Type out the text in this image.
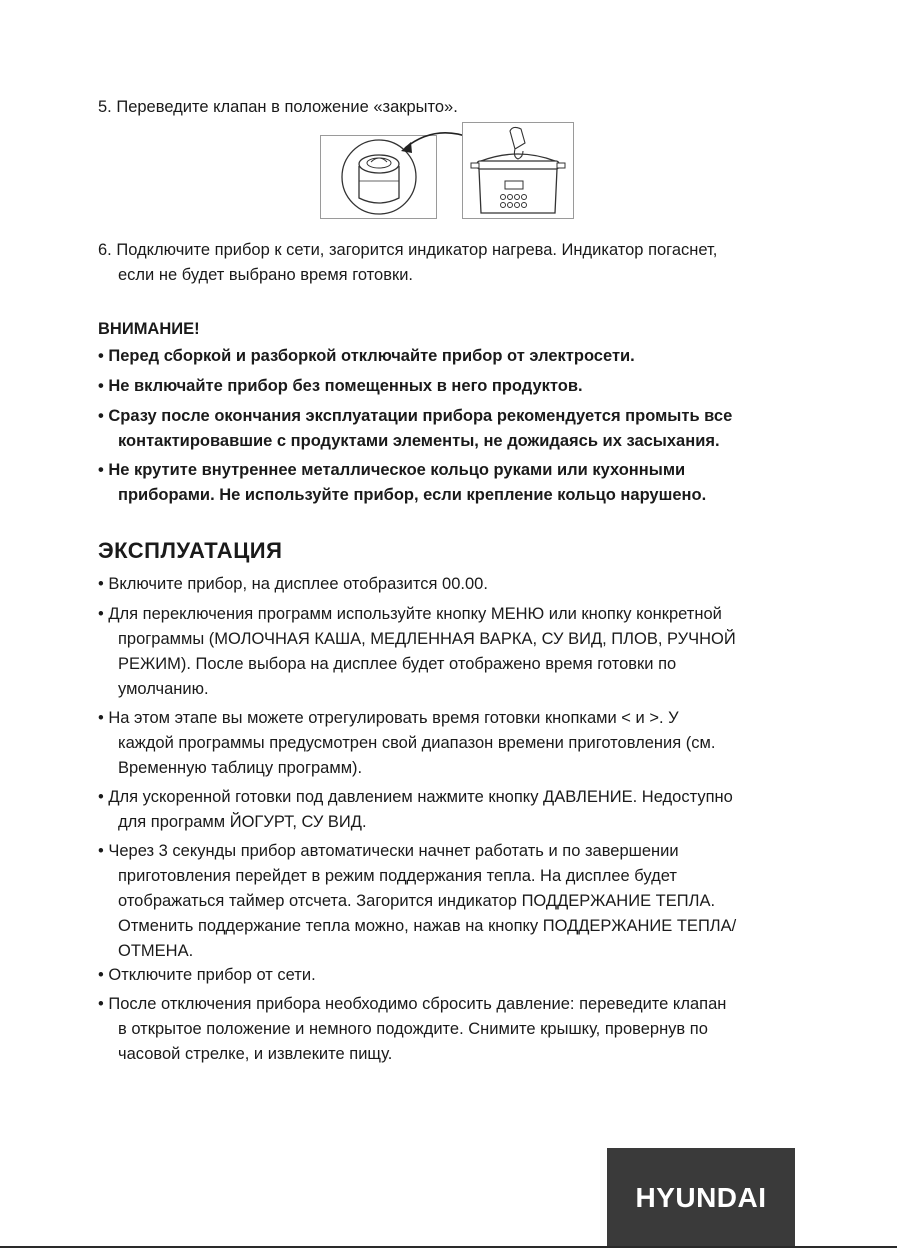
5. Переведите клапан в положение «закрыто».
6. Подключите прибор к сети, загорится индикатор нагрева. Индикатор погаснет,
если не будет выбрано время готовки.
ВНИМАНИЕ!
• Перед сборкой и разборкой отключайте прибор от электросети.
• Не включайте прибор без помещенных в него продуктов.
• Сразу после окончания эксплуатации прибора рекомендуется промыть все
контактировавшие с продуктами элементы, не дожидаясь их засыхания.
• Не крутите внутреннее металлическое кольцо руками или кухонными
приборами. Не используйте прибор, если крепление кольцо нарушено.
ЭКСПЛУАТАЦИЯ
• Включите прибор, на дисплее отобразится 00.00.
• Для переключения программ используйте кнопку МЕНЮ или кнопку конкретной
программы (МОЛОЧНАЯ КАША, МЕДЛЕННАЯ ВАРКА, СУ ВИД, ПЛОВ, РУЧНОЙ
РЕЖИМ). После выбора на дисплее будет отображено время готовки по
умолчанию.
• На этом этапе вы можете отрегулировать время готовки кнопками < и >. У
каждой программы предусмотрен свой диапазон времени приготовления (см.
Временную таблицу программ).
• Для ускоренной готовки под давлением нажмите кнопку ДАВЛЕНИЕ. Недоступно
для программ ЙОГУРТ, СУ ВИД.
• Через 3 секунды прибор автоматически начнет работать и по завершении
приготовления перейдет в режим поддержания тепла. На дисплее будет
отображаться таймер отсчета. Загорится индикатор ПОДДЕРЖАНИЕ ТЕПЛА.
Отменить поддержание тепла можно, нажав на кнопку ПОДДЕРЖАНИЕ ТЕПЛА/
ОТМЕНА.
• Отключите прибор от сети.
• После отключения прибора необходимо сбросить давление: переведите клапан
в открытое положение и немного подождите. Снимите крышку, провернув по
часовой стрелке, и извлеките пищу.
HYUNDAI
